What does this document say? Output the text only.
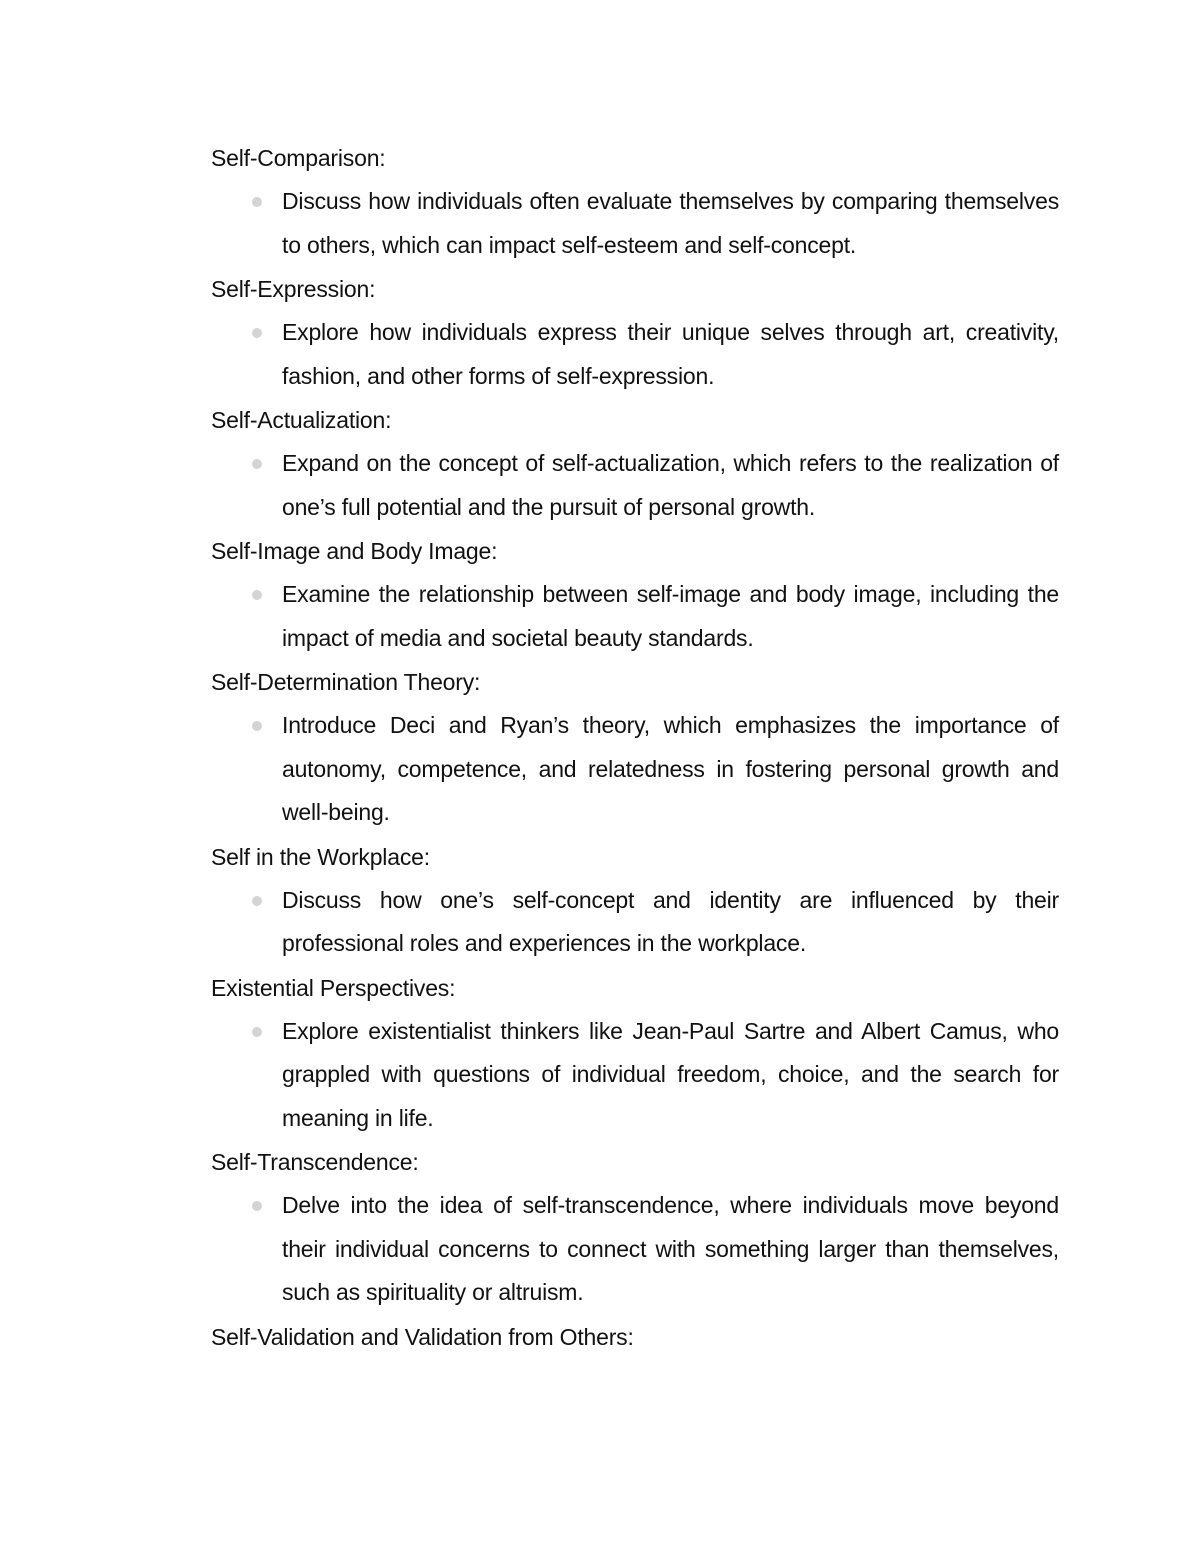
Self-Comparison:

Discuss how individuals often evaluate themselves by comparing themselves to others, which can impact self-esteem and self-concept.

Self-Expression:

Explore how individuals express their unique selves through art, creativity, fashion, and other forms of self-expression.

Self-Actualization:

Expand on the concept of self-actualization, which refers to the realization of one’s full potential and the pursuit of personal growth.

Self-Image and Body Image:

Examine the relationship between self-image and body image, including the impact of media and societal beauty standards.

Self-Determination Theory:

Introduce Deci and Ryan’s theory, which emphasizes the importance of autonomy, competence, and relatedness in fostering personal growth and well-being.

Self in the Workplace:

Discuss how one’s self-concept and identity are influenced by their professional roles and experiences in the workplace.

Existential Perspectives:

Explore existentialist thinkers like Jean-Paul Sartre and Albert Camus, who grappled with questions of individual freedom, choice, and the search for meaning in life.

Self-Transcendence:

Delve into the idea of self-transcendence, where individuals move beyond their individual concerns to connect with something larger than themselves, such as spirituality or altruism.

Self-Validation and Validation from Others:
